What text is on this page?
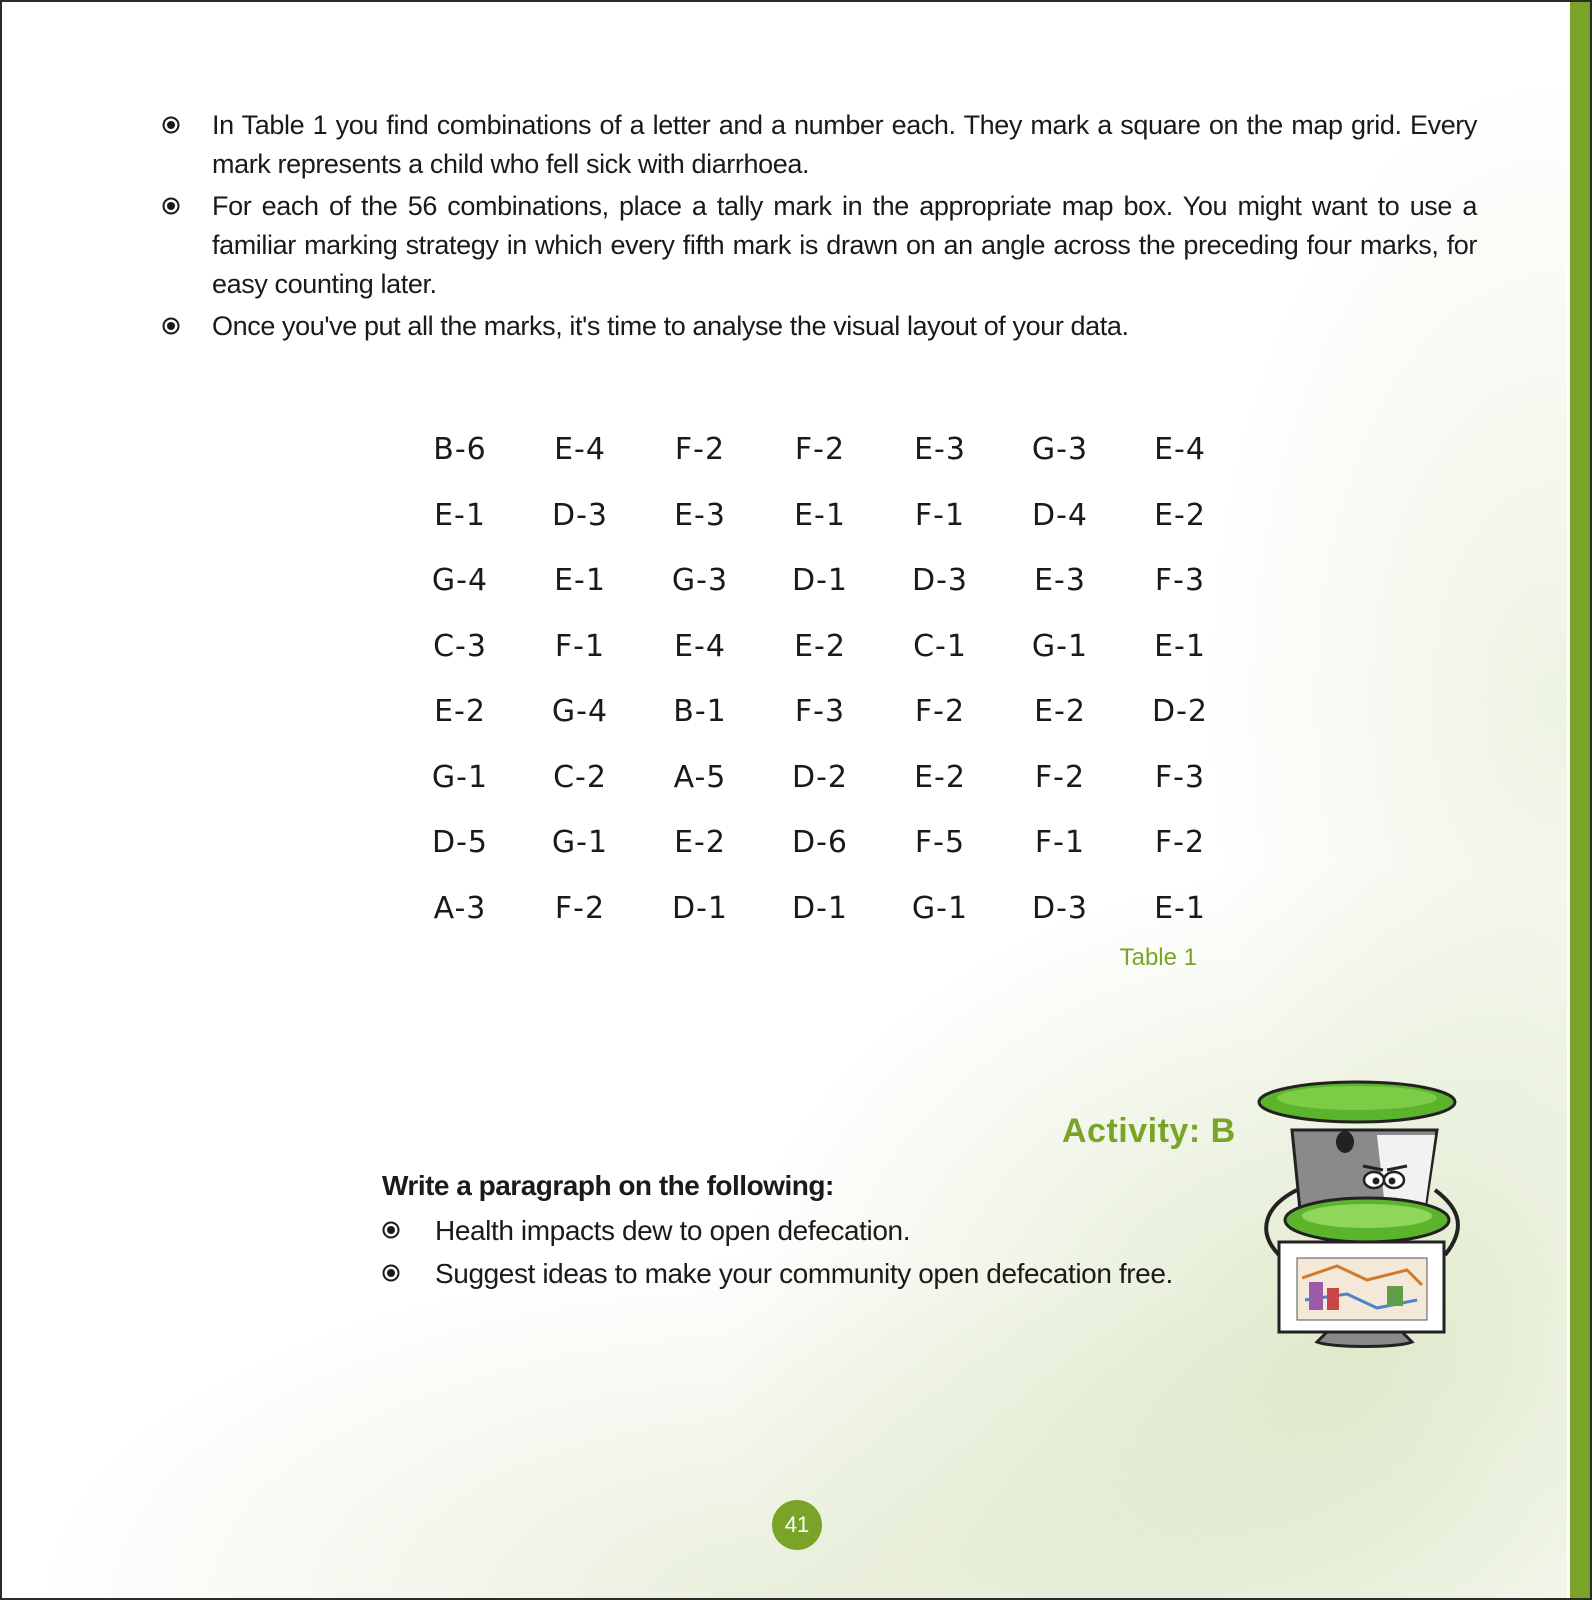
In Table 1 you find combinations of a letter and a number each. They mark a square on the map grid. Every mark represents a child who fell sick with diarrhoea.
For each of the 56 combinations, place a tally mark in the appropriate map box. You might want to use a familiar marking strategy in which every fifth mark is drawn on an angle across the preceding four marks, for easy counting later.
Once you've put all the marks, it's time to analyse the visual layout of your data.
B-6	E-4	F-2	F-2	E-3	G-3	E-4
E-1	D-3	E-3	E-1	F-1	D-4	E-2
G-4	E-1	G-3	D-1	D-3	E-3	F-3
C-3	F-1	E-4	E-2	C-1	G-1	E-1
E-2	G-4	B-1	F-3	F-2	E-2	D-2
G-1	C-2	A-5	D-2	E-2	F-2	F-3
D-5	G-1	E-2	D-6	F-5	F-1	F-2
A-3	F-2	D-1	D-1	G-1	D-3	E-1
Table 1
Activity: B
Write a paragraph on the following:
Health impacts dew to open defecation.
Suggest ideas to make your community open defecation free.
41
